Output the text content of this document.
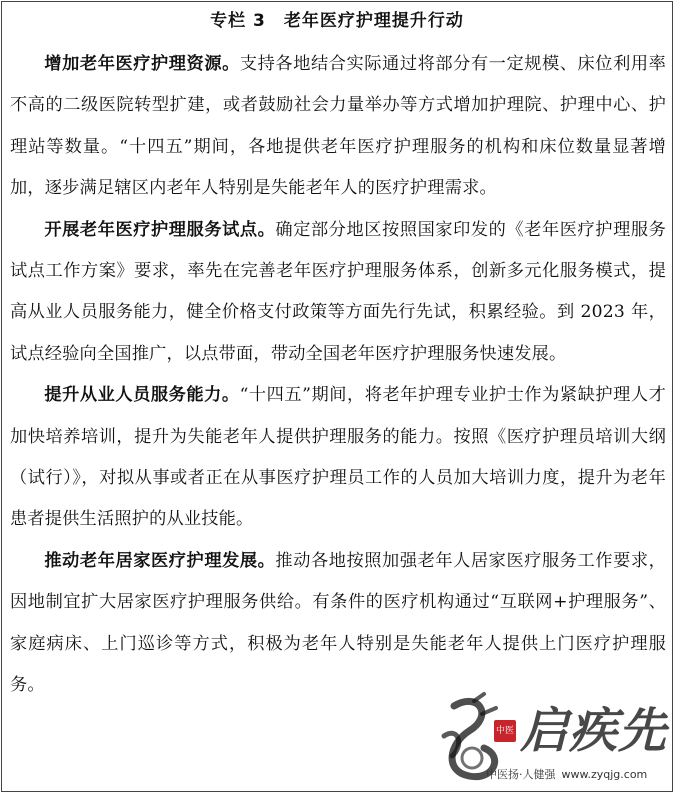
专栏 3 老年医疗护理提升行动

增加老年医疗护理资源。支持各地结合实际通过将部分有一定规模、床位利用率不高的二级医院转型扩建，或者鼓励社会力量举办等方式增加护理院、护理中心、护理站等数量。“十四五”期间，各地提供老年医疗护理服务的机构和床位数量显著增加，逐步满足辖区内老年人特别是失能老年人的医疗护理需求。

开展老年医疗护理服务试点。确定部分地区按照国家印发的《老年医疗护理服务试点工作方案》要求，率先在完善老年医疗护理服务体系，创新多元化服务模式，提高从业人员服务能力，健全价格支付政策等方面先行先试，积累经验。到 2023 年，试点经验向全国推广，以点带面，带动全国老年医疗护理服务快速发展。

提升从业人员服务能力。“十四五”期间，将老年护理专业护士作为紧缺护理人才加快培养培训，提升为失能老年人提供护理服务的能力。按照《医疗护理员培训大纲（试行）》，对拟从事或者正在从事医疗护理员工作的人员加大培训力度，提升为老年患者提供生活照护的从业技能。

推动老年居家医疗护理发展。推动各地按照加强老年人居家医疗服务工作要求，因地制宜扩大居家医疗护理服务供给。有条件的医疗机构通过“互联网+护理服务”、家庭病床、上门巡诊等方式，积极为老年人特别是失能老年人提供上门医疗护理服务。

中医 启疾先
中医扬·人健强 www.zyqjg.com
